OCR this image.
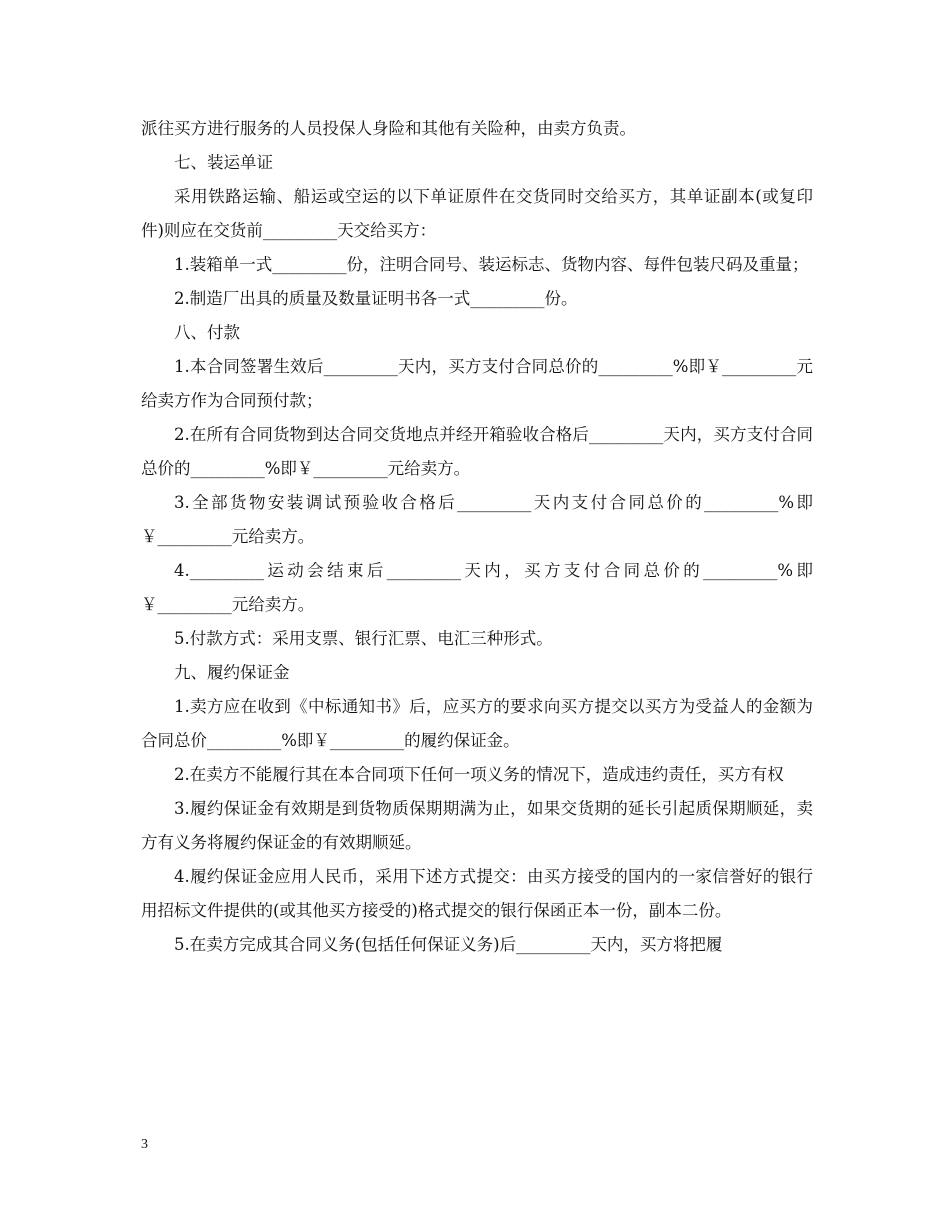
派往买方进行服务的人员投保人身险和其他有关险种，由卖方负责。

七、装运单证

采用铁路运输、船运或空运的以下单证原件在交货同时交给买方，其单证副本(或复印件)则应在交货前_________天交给买方：

1.装箱单一式_________份，注明合同号、装运标志、货物内容、每件包装尺码及重量；

2.制造厂出具的质量及数量证明书各一式_________份。

八、付款

1.本合同签署生效后_________天内，买方支付合同总价的_________%即￥_________元给卖方作为合同预付款；

2.在所有合同货物到达合同交货地点并经开箱验收合格后_________天内，买方支付合同总价的_________%即￥_________元给卖方。

3.全部货物安装调试预验收合格后_________天内支付合同总价的_________%即￥_________元给卖方。

4._________运动会结束后_________天内，买方支付合同总价的_________%即￥_________元给卖方。

5.付款方式：采用支票、银行汇票、电汇三种形式。

九、履约保证金

1.卖方应在收到《中标通知书》后，应买方的要求向买方提交以买方为受益人的金额为合同总价_________%即￥_________的履约保证金。

2.在卖方不能履行其在本合同项下任何一项义务的情况下，造成违约责任，买方有权

3.履约保证金有效期是到货物质保期期满为止，如果交货期的延长引起质保期顺延，卖方有义务将履约保证金的有效期顺延。

4.履约保证金应用人民币，采用下述方式提交：由买方接受的国内的一家信誉好的银行用招标文件提供的(或其他买方接受的)格式提交的银行保函正本一份，副本二份。

5.在卖方完成其合同义务(包括任何保证义务)后_________天内，买方将把履

3
